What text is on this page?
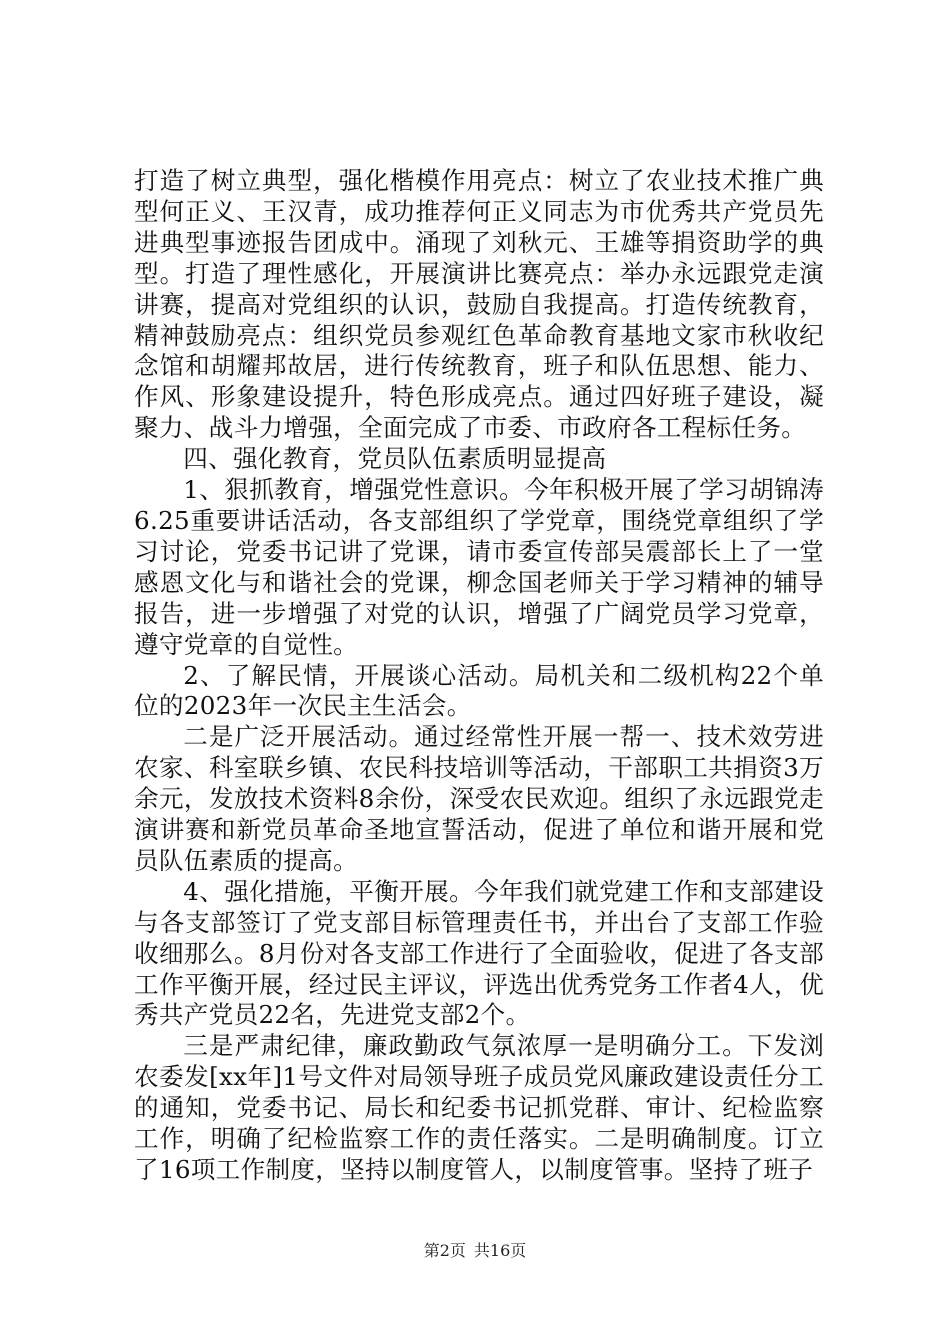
打造了树立典型，强化楷模作用亮点：树立了农业技术推广典型何正义、王汉青，成功推荐何正义同志为市优秀共产党员先进典型事迹报告团成中。涌现了刘秋元、王雄等捐资助学的典型。打造了理性感化，开展演讲比赛亮点：举办永远跟党走演讲赛，提高对党组织的认识，鼓励自我提高。打造传统教育，精神鼓励亮点：组织党员参观红色革命教育基地文家市秋收纪念馆和胡耀邦故居，进行传统教育，班子和队伍思想、能力、作风、形象建设提升，特色形成亮点。通过四好班子建设，凝聚力、战斗力增强，全面完成了市委、市政府各工程标任务。

四、强化教育，党员队伍素质明显提高

1、狠抓教育，增强党性意识。今年积极开展了学习胡锦涛6.25重要讲话活动，各支部组织了学党章，围绕党章组织了学习讨论，党委书记讲了党课，请市委宣传部吴震部长上了一堂感恩文化与和谐社会的党课，柳念国老师关于学习精神的辅导报告，进一步增强了对党的认识，增强了广阔党员学习党章，遵守党章的自觉性。

2、了解民情，开展谈心活动。局机关和二级机构22个单位的2023年一次民主生活会。

二是广泛开展活动。通过经常性开展一帮一、技术效劳进农家、科室联乡镇、农民科技培训等活动，干部职工共捐资3万余元，发放技术资料8余份，深受农民欢迎。组织了永远跟党走演讲赛和新党员革命圣地宣誓活动，促进了单位和谐开展和党员队伍素质的提高。

4、强化措施，平衡开展。今年我们就党建工作和支部建设与各支部签订了党支部目标管理责任书，并出台了支部工作验收细那么。8月份对各支部工作进行了全面验收，促进了各支部工作平衡开展，经过民主评议，评选出优秀党务工作者4人，优秀共产党员22名，先进党支部2个。

三是严肃纪律，廉政勤政气氛浓厚一是明确分工。下发浏农委发[xx年]1号文件对局领导班子成员党风廉政建设责任分工的通知，党委书记、局长和纪委书记抓党群、审计、纪检监察工作，明确了纪检监察工作的责任落实。二是明确制度。订立了16项工作制度，坚持以制度管人，以制度管事。坚持了班子

第2页 共16页
